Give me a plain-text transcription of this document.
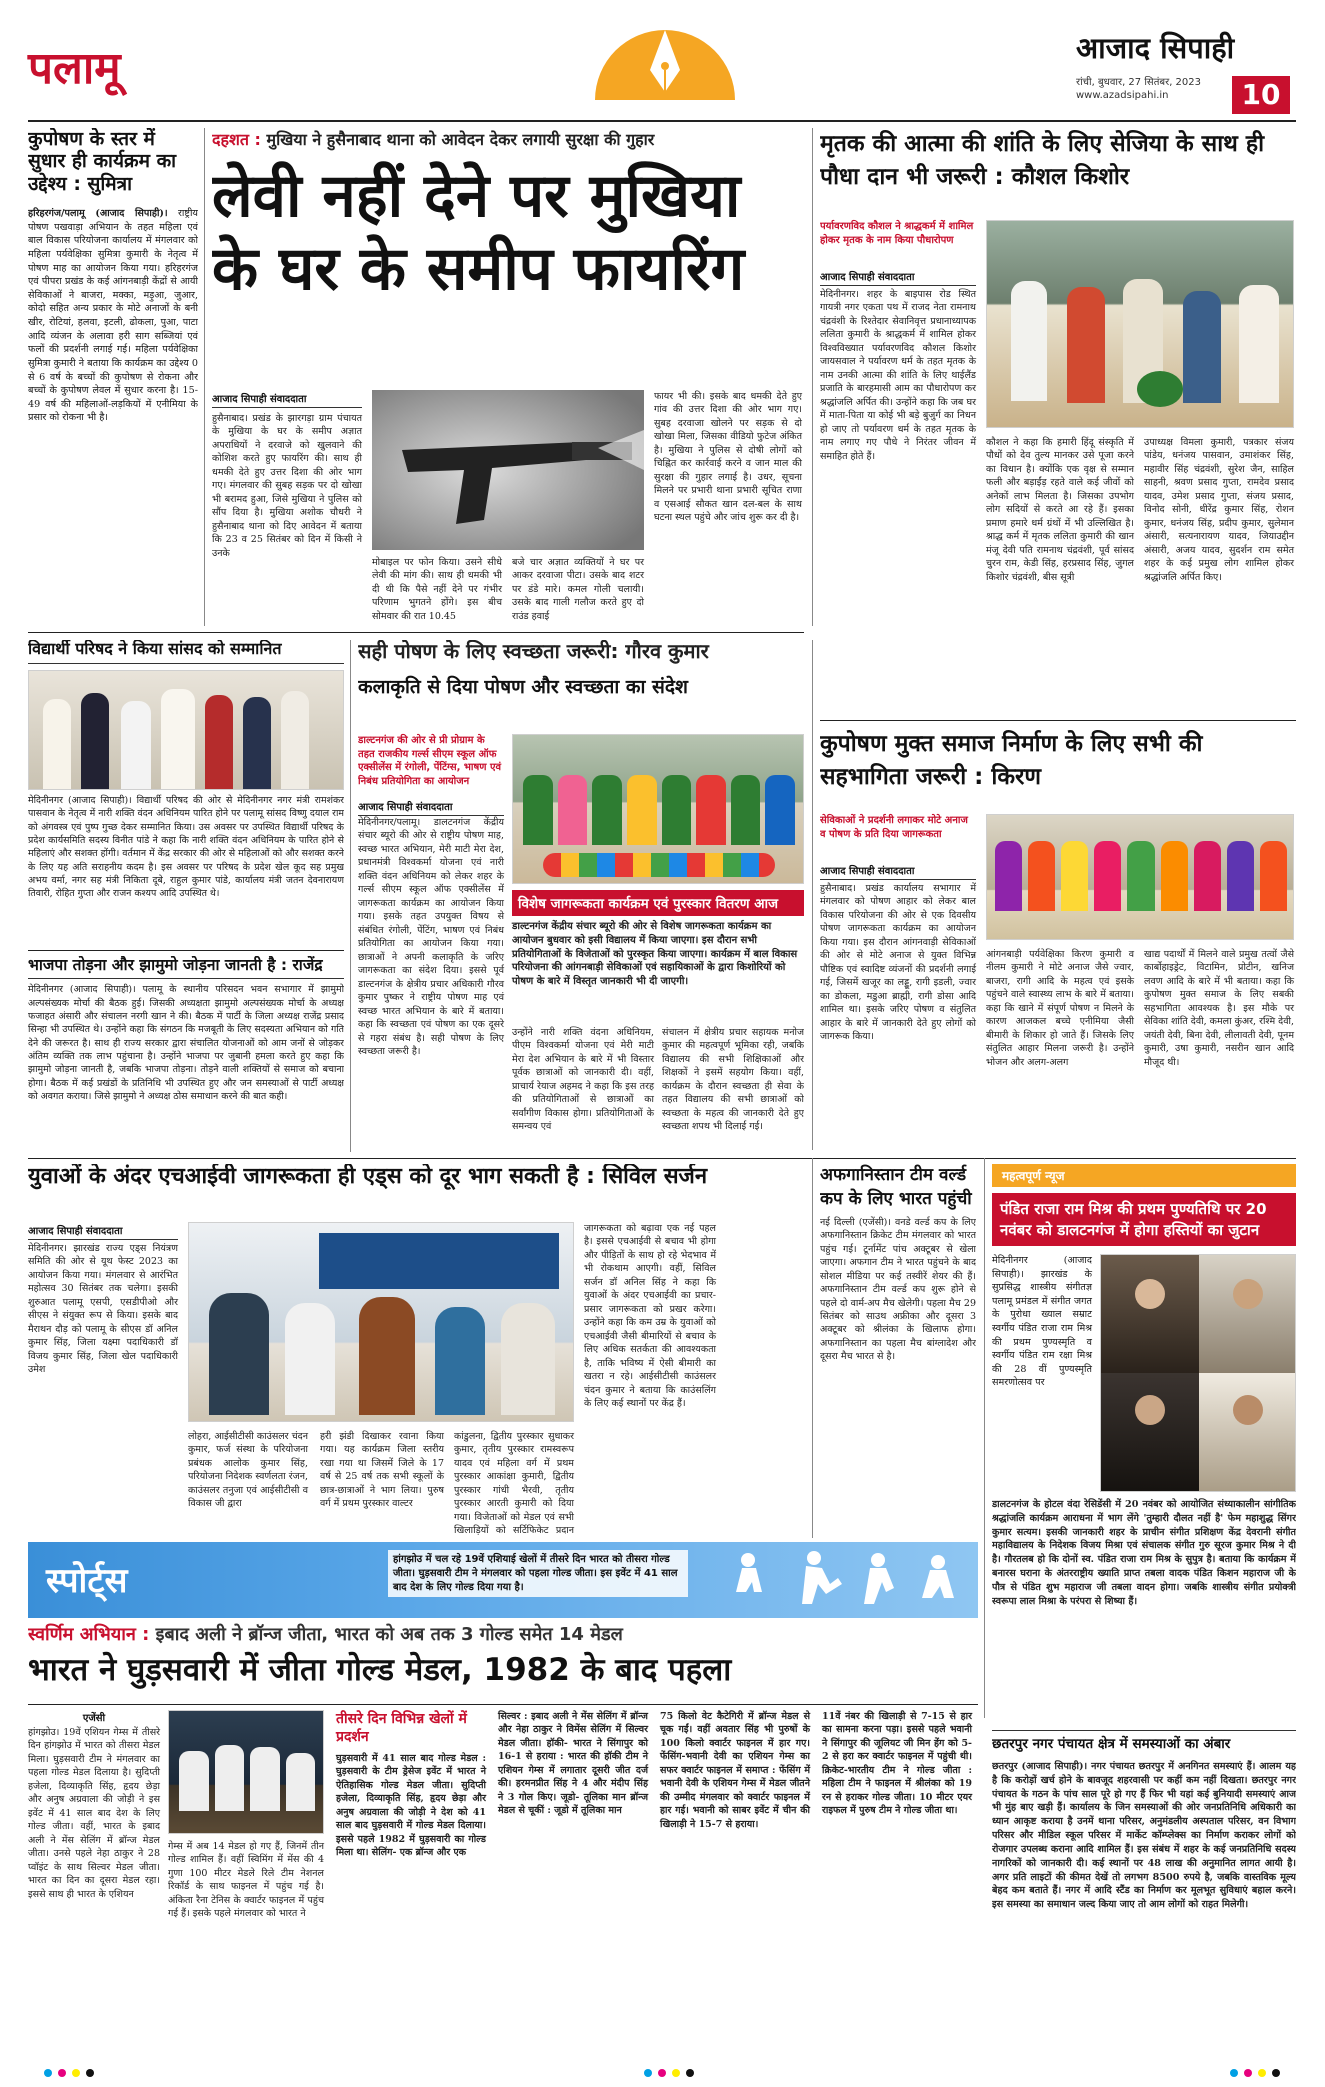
पलामू	आजाद सिपाही
रांची, बुधवार, 27 सितंबर, 2023
www.azadsipahi.in	10
कुपोषण के स्तर में सुधार ही कार्यक्रम का उद्देश्य : सुमित्रा
हरिहरगंज/पलामू (आजाद सिपाही)। राष्ट्रीय पोषण पखवाड़ा अभियान के तहत महिला एवं बाल विकास परियोजना कार्यालय में मंगलवार को महिला पर्यवेक्षिका सुमित्रा कुमारी के नेतृत्व में पोषण माह का आयोजन किया गया। हरिहरगंज एवं पीपरा प्रखंड के कई आंगनबाड़ी केंद्रों से आयी सेविकाओं ने बाजरा, मक्का, मड़ुआ, जुआर, कोदो सहित अन्य प्रकार के मोटे अनाजों के बनी खीर, रोटियां, हलवा, इटली, ढोकला, पुआ, पाटा आदि व्यंजन के अलावा हरी साग सब्जियां एवं फलों की प्रदर्शनी लगाई गई। महिला पर्यवेक्षिका सुमित्रा कुमारी ने बताया कि कार्यक्रम का उद्देश्य 0 से 6 वर्ष के बच्चों की कुपोषण से रोकना और बच्चों के कुपोषण लेवल में सुधार करना है। 15-49 वर्ष की महिलाओं-लड़कियों में एनीमिया के प्रसार को रोकना भी है।
दहशत : मुखिया ने हुसैनाबाद थाना को आवेदन देकर लगायी सुरक्षा की गुहार
लेवी नहीं देने पर मुखिया के घर के समीप फायरिंग
आजाद सिपाही संवाददाता
हुसैनाबाद। प्रखंड के झारगड़ा ग्राम पंचायत के मुखिया के घर के समीप अज्ञात अपराधियों ने दरवाजे को खुलवाने की कोशिश करते हुए फायरिंग की। साथ ही धमकी देते हुए उत्तर दिशा की ओर भाग गए। मंगलवार की सुबह सड़क पर दो खोखा भी बरामद हुआ, जिसे मुखिया ने पुलिस को सौंप दिया है। मुखिया अशोक चौधरी ने हुसैनाबाद थाना को दिए आवेदन में बताया कि 23 व 25 सितंबर को दिन में किसी ने उनके
मोबाइल पर फोन किया। उसने सीधे लेवी की मांग की। साथ ही धमकी भी दी थी कि पैसे नहीं देने पर गंभीर परिणाम भुगतने होंगे। इस बीच सोमवार की रात 10.45
बजे चार अज्ञात व्यक्तियों ने घर पर आकर दरवाजा पीटा। उसके बाद शटर पर डंडे मारे। कमल गोली चलायी। उसके बाद गाली गलौज करते हुए दो राउंड हवाई
फायर भी की। इसके बाद धमकी देते हुए गांव की उत्तर दिशा की ओर भाग गए। सुबह दरवाजा खोलने पर सड़क से दो खोखा मिला, जिसका वीडियो फुटेज अंकित है। मुखिया ने पुलिस से दोषी लोगों को चिह्नित कर कार्रवाई करने व जान माल की सुरक्षा की गुहार लगाई है। उधर, सूचना मिलने पर प्रभारी थाना प्रभारी सूचित राणा व एसआई सौकत खान दल-बल के साथ घटना स्थल पहुंचे और जांच शुरू कर दी है।
मृतक की आत्मा की शांति के लिए सेजिया के साथ ही पौधा दान भी जरूरी : कौशल किशोर
पर्यावरणविद कौशल ने श्राद्धकर्म में शामिल होकर मृतक के नाम किया पौधारोपण
आजाद सिपाही संवाददाता
मेदिनीनगर। शहर के बाइपास रोड स्थित गायत्री नगर एकता पथ में राजद नेता रामनाथ चंद्रवंशी के रिश्तेदार सेवानिवृत्त प्रधानाध्यापक ललिता कुमारी के श्राद्धकर्म में शामिल होकर विश्वविख्यात पर्यावरणविद कौशल किशोर जायसवाल ने पर्यावरण धर्म के तहत मृतक के नाम उनकी आत्मा की शांति के लिए थाईलैंड प्रजाति के बारहमासी आम का पौधारोपण कर श्रद्धांजलि अर्पित की। उन्होंने कहा कि जब घर में माता-पिता या कोई भी बड़े बुजुर्ग का निधन हो जाए तो पर्यावरण धर्म के तहत मृतक के नाम लगाए गए पौधे ने निरंतर जीवन में समाहित होते हैं।
कौशल ने कहा कि हमारी हिंदू संस्कृति में पौधों को देव तुल्य मानकर उसे पूजा करने का विधान है। क्योंकि एक वृक्ष से सम्मान फली और बड़ाईंड़ रहते वाले कई जीवों को अनेकों लाभ मिलता है। जिसका उपभोग लोग सदियों से करते आ रहे हैं। इसका प्रमाण हमारे धर्म ग्रंथों में भी उल्लिखित है। श्राद्ध कर्म में मृतक ललिता कुमारी की खान मंजू देवी पति रामनाथ चंद्रवंशी, पूर्व सांसद चुरन राम, केडी सिंह, हरप्रसाद सिंह, जुगल किशोर चंद्रवंशी, बीस सूत्री
उपाध्यक्ष विमला कुमारी, पत्रकार संजय पांडेय, धनंजय पासवान, उमाशंकर सिंह, महावीर सिंह चंद्रवंशी, सुरेश जैन, साहिल साहनी, श्रवण प्रसाद गुप्ता, रामदेव प्रसाद यादव, उमेश प्रसाद गुप्ता, संजय प्रसाद, विनोद सोनी, धीरेंद्र कुमार सिंह, रोशन कुमार, धनंजय सिंह, प्रदीप कुमार, सुलेमान अंसारी, सत्यनारायण यादव, जियाउद्दीन अंसारी, अजय यादव, सुदर्शन राम समेत शहर के कई प्रमुख लोग शामिल होकर श्रद्धांजलि अर्पित किए।
विद्यार्थी परिषद ने किया सांसद को सम्मानित
मेदिनीनगर (आजाद सिपाही)। विद्यार्थी परिषद की ओर से मेदिनीनगर नगर मंत्री रामशंकर पासवान के नेतृत्व में नारी शक्ति वंदन अधिनियम पारित होने पर पलामू सांसद विष्णु दयाल राम को अंगवस्त्र एवं पुष्प गुच्छ देकर सम्मानित किया। उस अवसर पर उपस्थित विद्यार्थी परिषद के प्रदेश कार्यसमिति सदस्य विनीत पांडे ने कहा कि नारी शक्ति वंदन अधिनियम के पारित होने से महिलाएं और सशक्त होंगी। वर्तमान में केंद्र सरकार की ओर से महिलाओं को और सशक्त करने के लिए यह अति सराहनीय कदम है। इस अवसर पर परिषद के प्रदेश खेल कूद सह प्रमुख अभय वर्मा, नगर सह मंत्री निकिता दूबे, राहुल कुमार पांडे, कार्यालय मंत्री जतन देवनारायण तिवारी, रोहित गुप्ता और राजन कश्यप आदि उपस्थित थे।
भाजपा तोड़ना और झामुमो जोड़ना जानती है : राजेंद्र
मेदिनीनगर (आजाद सिपाही)। पलामू के स्थानीय परिसदन भवन सभागार में झामुमो अल्पसंख्यक मोर्चा की बैठक हुई। जिसकी अध्यक्षता झामुमो अल्पसंख्यक मोर्चा के अध्यक्ष फजाहत अंसारी और संचालन नरगी खान ने की। बैठक में पार्टी के जिला अध्यक्ष राजेंद्र प्रसाद सिन्हा भी उपस्थित थे। उन्होंने कहा कि संगठन कि मजबूती के लिए सदस्यता अभियान को गति देने की जरूरत है। साथ ही राज्य सरकार द्वारा संचालित योजनाओं को आम जनों से जोड़कर अंतिम व्यक्ति तक लाभ पहुंचाना है। उन्होंने भाजपा पर जुबानी हमला करते हुए कहा कि झामुमो जोड़ना जानती है, जबकि भाजपा तोड़ना। तोड़ने वाली शक्तियों से समाज को बचाना होगा। बैठक में कई प्रखंडों के प्रतिनिधि भी उपस्थित हुए और जन समस्याओं से पार्टी अध्यक्ष को अवगत कराया। जिसे झामुमो ने अध्यक्ष ठोस समाधान करने की बात कही।
सही पोषण के लिए स्वच्छता जरूरी: गौरव कुमार
कलाकृति से दिया पोषण और स्वच्छता का संदेश
डाल्टनगंज की ओर से प्री प्रोग्राम के तहत राजकीय गर्ल्स सीएम स्कूल ऑफ एक्सीलेंस में रंगोली, पेंटिंग्स, भाषण एवं निबंध प्रतियोगिता का आयोजन
आजाद सिपाही संवाददाता
मेदिनीनगर/पलामू। डालटनगंज केंद्रीय संचार ब्यूरो की ओर से राष्ट्रीय पोषण माह, स्वच्छ भारत अभियान, मेरी माटी मेरा देश, प्रधानमंत्री विश्वकर्मा योजना एवं नारी शक्ति वंदन अधिनियम को लेकर शहर के गर्ल्स सीएम स्कूल ऑफ एक्सीलेंस में जागरूकता कार्यक्रम का आयोजन किया गया। इसके तहत उपयुक्त विषय से संबंधित रंगोली, पेंटिंग, भाषण एवं निबंध प्रतियोगिता का आयोजन किया गया। छात्राओं ने अपनी कलाकृति के जरिए जागरूकता का संदेश दिया। इससे पूर्व डाल्टनगंज के क्षेत्रीय प्रचार अधिकारी गौरव कुमार पुष्कर ने राष्ट्रीय पोषण माह एवं स्वच्छ भारत अभियान के बारे में बताया। कहा कि स्वच्छता एवं पोषण का एक दूसरे से गहरा संबंध है। सही पोषण के लिए स्वच्छता जरूरी है।
विशेष जागरूकता कार्यक्रम एवं पुरस्कार वितरण आज
डाल्टनगंज केंद्रीय संचार ब्यूरो की ओर से विशेष जागरूकता कार्यक्रम का आयोजन बुधवार को इसी विद्यालय में किया जाएगा। इस दौरान सभी प्रतियोगिताओं के विजेताओं को पुरस्कृत किया जाएगा। कार्यक्रम में बाल विकास परियोजना की आंगनबाड़ी सेविकाओं एवं सहायिकाओं के द्वारा किशोरियों को पोषण के बारे में विस्तृत जानकारी भी दी जाएगी।
उन्होंने नारी शक्ति वंदना अधिनियम, पीएम विश्वकर्मा योजना एवं मेरी माटी मेरा देश अभियान के बारे में भी विस्तार पूर्वक छात्राओं को जानकारी दी। वहीं, प्राचार्य रेयाज अहमद ने कहा कि इस तरह की प्रतियोगिताओं से छात्राओं का सर्वांगीण विकास होगा। प्रतियोगिताओं के समन्वय एवं
संचालन में क्षेत्रीय प्रचार सहायक मनोज कुमार की महत्वपूर्ण भूमिका रही, जबकि विद्यालय की सभी शिक्षिकाओं और शिक्षकों ने इसमें सहयोग किया। वहीं, कार्यक्रम के दौरान स्वच्छता ही सेवा के तहत विद्यालय की सभी छात्राओं को स्वच्छता के महत्व की जानकारी देते हुए स्वच्छता शपथ भी दिलाई गई।
कुपोषण मुक्त समाज निर्माण के लिए सभी की सहभागिता जरूरी : किरण
सेविकाओं ने प्रदर्शनी लगाकर मोटे अनाज व पोषण के प्रति दिया जागरूकता
आजाद सिपाही संवाददाता
हुसैनाबाद। प्रखंड कार्यालय सभागार में मंगलवार को पोषण आहार को लेकर बाल विकास परियोजना की ओर से एक दिवसीय पोषण जागरूकता कार्यक्रम का आयोजन किया गया। इस दौरान आंगनवाड़ी सेविकाओं की ओर से मोटे अनाज से युक्त विभिन्न पौष्टिक एवं स्वादिष्ट व्यंजनों की प्रदर्शनी लगाई गई, जिसमें खजूर का लड्डू, रागी इडली, ज्वार का डोकला, मडुआ ब्राह्मी, रागी डोसा आदि शामिल था। इसके जरिए पोषण व संतुलित आहार के बारे में जानकारी देते हुए लोगों को जागरूक किया।
आंगनबाड़ी पर्यवेक्षिका किरण कुमारी व नीलम कुमारी ने मोटे अनाज जैसे ज्वार, बाजरा, रागी आदि के महत्व एवं इसके पहुंचने वाले स्वास्थ्य लाभ के बारे में बताया। कहा कि खाने में संपूर्ण पोषण न मिलने के कारण आजकल बच्चे एनीमिया जैसी बीमारी के शिकार हो जाते हैं। जिसके लिए संतुलित आहार मिलना जरूरी है। उन्होंने भोजन और अलग-अलग
खाद्य पदार्थों में मिलने वाले प्रमुख तत्वों जैसे कार्बोहाइड्रेट, विटामिन, प्रोटीन, खनिज लवण आदि के बारे में भी बताया। कहा कि कुपोषण मुक्त समाज के लिए सबकी सहभागिता आवश्यक है। इस मौके पर सेविका शांति देवी, कमला कुंअर, रश्मि देवी, जयंती देवी, बिना देवी, लीलावती देवी, पूनम कुमारी, उषा कुमारी, नसरीन खान आदि मौजूद थी।
युवाओं के अंदर एचआईवी जागरूकता ही एड्स को दूर भाग सकती है : सिविल सर्जन
आजाद सिपाही संवाददाता
मेदिनीनगर। झारखंड राज्य एड्स नियंत्रण समिति की ओर से यूथ फेस्ट 2023 का आयोजन किया गया। मंगलवार से आरंभित महोत्सव 30 सितंबर तक चलेगा। इसकी शुरुआत पलामू एसपी, एसडीपीओ और सीएस ने संयुक्त रूप से किया। इसके बाद मैराथन दौड़ को पलामू के सीएस डॉ अनिल कुमार सिंह, जिला यक्ष्मा पदाधिकारी डॉ विजय कुमार सिंह, जिला खेल पदाधिकारी उमेश
लोहरा, आईसीटीसी काउंसलर चंदन कुमार, फर्ज संस्था के परियोजना प्रबंधक आलोक कुमार सिंह, परियोजना निदेशक स्वर्णलता रंजन, काउंसलर तनुजा एवं आईसीटीसी व विकास जी द्वारा
हरी झंडी दिखाकर रवाना किया गया। यह कार्यक्रम जिला स्तरीय रखा गया था जिसमें जिले के 17 वर्ष से 25 वर्ष तक सभी स्कूलों के छात्र-छात्राओं ने भाग लिया। पुरुष वर्ग में प्रथम पुरस्कार वाल्टर
कांडुलना, द्वितीय पुरस्कार सुधाकर कुमार, तृतीय पुरस्कार रामस्वरूप यादव एवं महिला वर्ग में प्रथम पुरस्कार आकांक्षा कुमारी, द्वितीय पुरस्कार गांधी भैरवी, तृतीय पुरस्कार आरती कुमारी को दिया गया। विजेताओं को मेडल एवं सभी खिलाड़ियों को सर्टिफिकेट प्रदान
जागरूकता को बढ़ावा एक नई पहल है। इससे एचआईवी से बचाव भी होगा और पीड़ितों के साथ हो रहे भेदभाव में भी रोकथाम आएगी। वहीं, सिविल सर्जन डॉ अनिल सिंह ने कहा कि युवाओं के अंदर एचआईवी का प्रचार-प्रसार जागरूकता को प्रखर करेगा। उन्होंने कहा कि कम उम्र के युवाओं को एचआईवी जैसी बीमारियों से बचाव के लिए अधिक सतर्कता की आवश्यकता है, ताकि भविष्य में ऐसी बीमारी का खतरा न रहे। आईसीटीसी काउंसलर चंदन कुमार ने बताया कि काउंसलिंग के लिए कई स्थानों पर केंद्र हैं।
अफगानिस्तान टीम वर्ल्ड कप के लिए भारत पहुंची
नई दिल्ली (एजेंसी)। वनडे वर्ल्ड कप के लिए अफगानिस्तान क्रिकेट टीम मंगलवार को भारत पहुंच गई। टूर्नामेंट पांच अक्टूबर से खेला जाएगा। अफगान टीम ने भारत पहुंचने के बाद सोशल मीडिया पर कई तस्वीरें शेयर की हैं। अफगानिस्तान टीम वर्ल्ड कप शुरू होने से पहले दो वार्म-अप मैच खेलेगी। पहला मैच 29 सितंबर को साउथ अफ्रीका और दूसरा 3 अक्टूबर को श्रीलंका के खिलाफ होगा। अफगानिस्तान का पहला मैच बांग्लादेश और दूसरा मैच भारत से है।
महत्वपूर्ण न्यूज
पंडित राजा राम मिश्र की प्रथम पुण्यतिथि पर 20 नवंबर को डालटनगंज में होगा हस्तियों का जुटान
मेदिनीनगर (आजाद सिपाही)। झारखंड के सुप्रसिद्ध शास्त्रीय संगीतज्ञ पलामू प्रमंडल में संगीत जगत के पुरोधा ख्याल सम्राट स्वर्गीय पंडित राजा राम मिश्र की प्रथम पुण्यस्मृति व स्वर्गीय पंडित राम रक्षा मिश्र की 28 वीं पुण्यस्मृति समरणोत्सव पर
डालटनगंज के होटल वंदा रेसिडेंसी में 20 नवंबर को आयोजित संध्याकालीन सांगीतिक श्रद्धांजलि कार्यक्रम आराधना में भाग लेंगे 'तुम्हारी दौलत नहीं है' फेम महाशुद्ध सिंगर कुमार सत्यम। इसकी जानकारी शहर के प्राचीन संगीत प्रशिक्षण केंद्र देवरानी संगीत महाविद्यालय के निदेशक विजय मिश्रा एवं संचालक संगीत गुरु सूरज कुमार मिश्र ने दी है। गौरतलब हो कि दोनों स्व. पंडित राजा राम मिश्र के सुपुत्र है। बताया कि कार्यक्रम में बनारस घराना के अंतरराष्ट्रीय ख्याति प्राप्त तबला वादक पंडित किशन महाराज जी के पौत्र से पंडित शुभ महाराज जी तबला वादन होगा। जबकि शास्त्रीय संगीत प्रयोक्त्री स्वरूपा लाल मिश्रा के परंपरा से शिष्या हैं।
छतरपुर नगर पंचायत क्षेत्र में समस्याओं का अंबार
छतरपुर (आजाद सिपाही)। नगर पंचायत छतरपुर में अनगिनत समस्याएं हैं। आलम यह है कि करोड़ों खर्च होने के बावजूद शहरवासी पर कहीं कम नहीं दिखता। छतरपुर नगर पंचायत के गठन के पांच साल पूरे हो गए हैं फिर भी यहां कई बुनियादी समस्याएं आज भी मुंह बाए खड़ी हैं। कार्यालय के जिन समस्याओं की ओर जनप्रतिनिधि अधिकारी का ध्यान आकृष्ट कराया है उनमें थाना परिसर, अनुमंडलीय अस्पताल परिसर, वन विभाग परिसर और मीडिल स्कूल परिसर में मार्केट कॉम्प्लेक्स का निर्माण कराकर लोगों को रोजगार उपलब्ध कराना आदि शामिल हैं। इस संबंध में शहर के कई जनप्रतिनिधि सदस्य नागरिकों को जानकारी दी। कई स्थानों पर 48 लाख की अनुमानित लागत आयी है। अगर प्रति लाइटों की कीमत देखें तो लगभग 8500 रुपये है, जबकि वास्तविक मूल्य बेहद कम बताते हैं। नगर में आदि स्टैंड का निर्माण कर मूलभूत सुविधाएं बहाल करने। इस समस्या का समाधान जल्द किया जाए तो आम लोगों को राहत मिलेगी।
स्पोर्ट्स
हांगझोउ में चल रहे 19वें एशियाई खेलों में तीसरे दिन भारत को तीसरा गोल्ड जीता। घुड़सवारी टीम ने मंगलवार को पहला गोल्ड जीता। इस इवेंट में 41 साल बाद देश के लिए गोल्ड दिया गया है।
स्वर्णिम अभियान : इबाद अली ने ब्रॉन्ज जीता, भारत को अब तक 3 गोल्ड समेत 14 मेडल
भारत ने घुड़सवारी में जीता गोल्ड मेडल, 1982 के बाद पहला
एजेंसी
हांगझोउ। 19वें एशियन गेम्स में तीसरे दिन हांगझोउ में भारत को तीसरा मेडल मिला। घुड़सवारी टीम ने मंगलवार का पहला गोल्ड मेडल दिलाया है। सुदिप्ती हजेला, दिव्याकृति सिंह, हृदय छेड़ा और अनुष अग्रवाला की जोड़ी ने इस इवेंट में 41 साल बाद देश के लिए गोल्ड जीता। वहीं, भारत के इबाद अली ने मेंस सेलिंग में ब्रॉन्ज मेडल जीता। उनसे पहले नेहा ठाकुर ने 28 प्वॉइंट के साथ सिल्वर मेडल जीता। भारत का दिन का दूसरा मेडल रहा। इससे साथ ही भारत के एशियन
गेम्स में अब 14 मेडल हो गए हैं, जिनमें तीन गोल्ड शामिल हैं। वहीं स्विमिंग में मेंस की 4 गुणा 100 मीटर मेडले रिले टीम नेशनल रिकॉर्ड के साथ फाइनल में पहुंच गई है। अंकिता रैना टेनिस के क्वार्टर फाइनल में पहुंच गई हैं। इसके पहले मंगलवार को भारत ने
तीसरे दिन विभिन्न खेलों में प्रदर्शन
घुड़सवारी में 41 साल बाद गोल्ड मेडल : घुड़सवारी के टीम ड्रेसेज इवेंट में भारत ने ऐतिहासिक गोल्ड मेडल जीता। सुदिप्ती हजेला, दिव्याकृति सिंह, हृदय छेड़ा और अनुष अग्रवाला की जोड़ी ने देश को 41 साल बाद घुड़सवारी में गोल्ड मेडल दिलाया। इससे पहले 1982 में घुड़सवारी का गोल्ड मिला था। सेलिंग- एक ब्रॉन्ज और एक
सिल्वर : इबाद अली ने मेंस सेलिंग में ब्रॉन्ज और नेहा ठाकुर ने विमेंस सेलिंग में सिल्वर मेडल जीता। हॉकी- भारत ने सिंगापुर को 16-1 से हराया : भारत की हॉकी टीम ने एशियन गेम्स में लगातार दूसरी जीत दर्ज की। हरमनप्रीत सिंह ने 4 और मंदीप सिंह ने 3 गोल किए। जूडो- तूलिका मान ब्रॉन्ज मेडल से चूकीं : जूडो में तूलिका मान
75 किलो वेट कैटेगिरी में ब्रॉन्ज मेडल से चूक गईं। वहीं अवतार सिंह भी पुरुषों के 100 किलो क्वार्टर फाइनल में हार गए। फेंसिंग-भवानी देवी का एशियन गेम्स का सफर क्वार्टर फाइनल में समाप्त : फेंसिंग में भवानी देवी के एशियन गेम्स में मेडल जीतने की उम्मीद मंगलवार को क्वार्टर फाइनल में हार गई। भवानी को साबर इवेंट में चीन की खिलाड़ी ने 15-7 से हराया।
11वें नंबर की खिलाड़ी से 7-15 से हार का सामना करना पड़ा। इससे पहले भवानी ने सिंगापुर की जूलियट जी मिन हेंग को 5-2 से हरा कर क्वार्टर फाइनल में पहुंची थी। क्रिकेट-भारतीय टीम ने गोल्ड जीता : महिला टीम ने फाइनल में श्रीलंका को 19 रन से हराकर गोल्ड जीता। 10 मीटर एयर राइफल में पुरुष टीम ने गोल्ड जीता था।
